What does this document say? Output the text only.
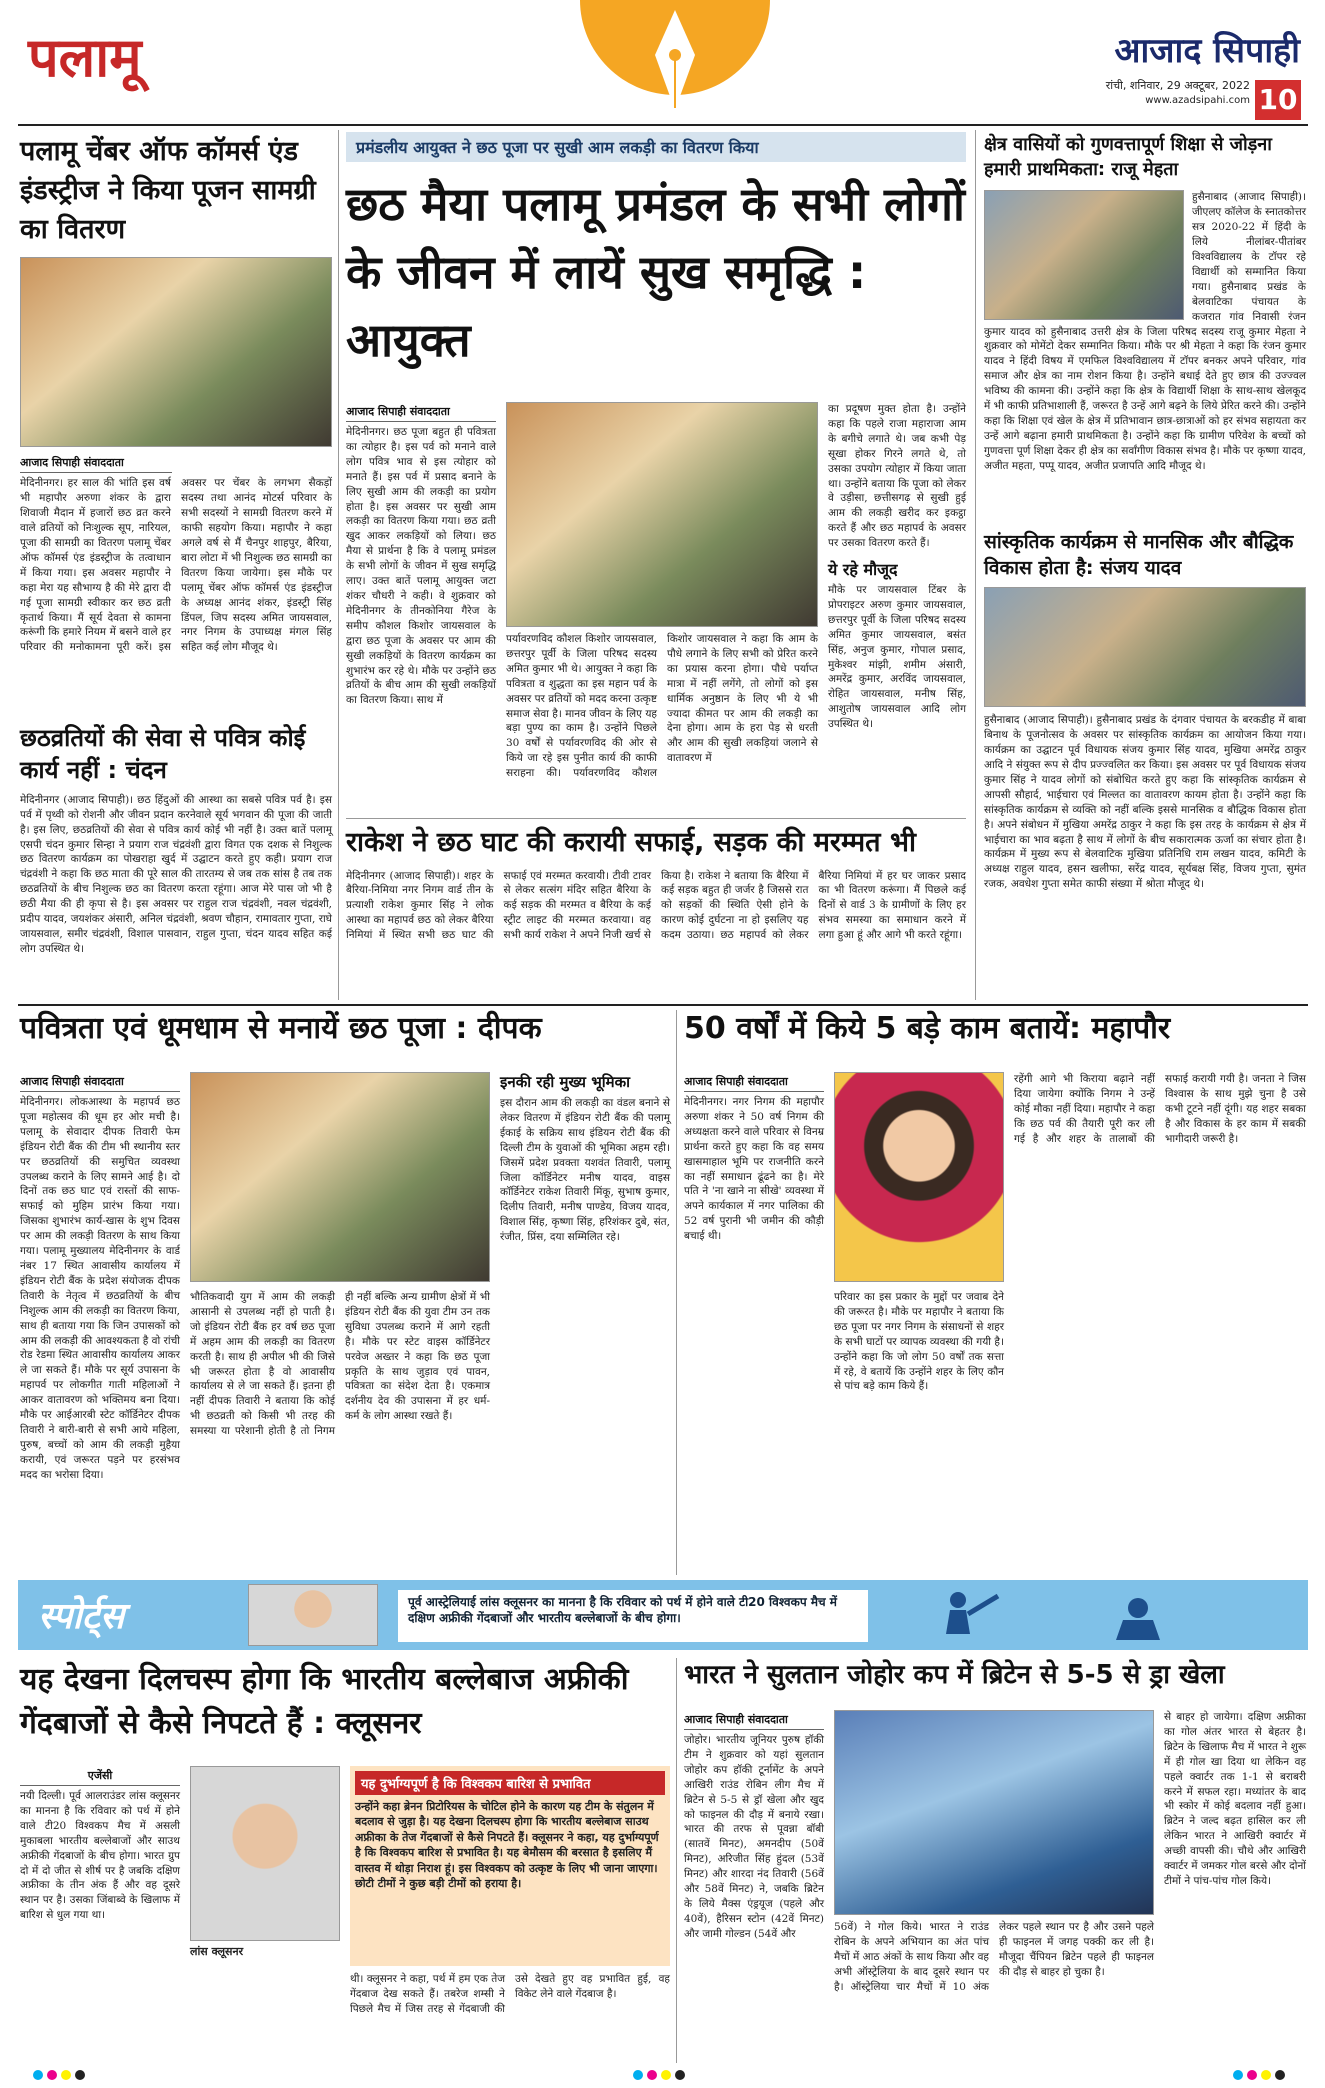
पलामू	आजाद सिपाही
रांची, शनिवार, 29 अक्टूबर, 2022
www.azadsipahi.com 10
पलामू चेंबर ऑफ कॉमर्स एंड इंडस्ट्रीज ने किया पूजन सामग्री का वितरण
आजाद सिपाही संवाददाता
मेदिनीनगर। हर साल की भांति इस वर्ष भी महापौर अरुणा शंकर के द्वारा शिवाजी मैदान में हजारों छठ व्रत करने वाले व्रतियों को निःशुल्क सूप, नारियल, पूजा की सामग्री का वितरण पलामू चेंबर ऑफ कॉमर्स एंड इंडस्ट्रीज के तत्वाधान में किया गया। इस अवसर महापौर ने कहा मेरा यह सौभाग्य है की मेरे द्वारा दी गई पूजा सामग्री स्वीकार कर छठ व्रती कृतार्थ किया। मैं सूर्य देवता से कामना करूंगी कि हमारे नियम में बसने वाले हर परिवार की मनोकामना पूरी करें। इस अवसर पर चेंबर के लगभग सैकड़ों सदस्य तथा आनंद मोटर्स परिवार के सभी सदस्यों ने सामग्री वितरण करने में काफी सहयोग किया। महापौर ने कहा अगले वर्ष से मैं चैनपुर शाहपुर, बैरिया, बारा लोटा में भी निशुल्क छठ सामग्री का वितरण किया जायेगा। इस मौके पर पलामू चेंबर ऑफ कॉमर्स एंड इंडस्ट्रीज के अध्यक्ष आनंद शंकर, इंडस्ट्री सिंह डिंपल, जिप सदस्य अमित जायसवाल, नगर निगम के उपाध्यक्ष मंगल सिंह सहित कई लोग मौजूद थे।
छठव्रतियों की सेवा से पवित्र कोई कार्य नहीं : चंदन
मेदिनीनगर (आजाद सिपाही)। छठ हिंदुओं की आस्था का सबसे पवित्र पर्व है। इस पर्व में पृथ्वी को रोशनी और जीवन प्रदान करनेवाले सूर्य भगवान की पूजा की जाती है। इस लिए, छठव्रतियों की सेवा से पवित्र कार्य कोई भी नहीं है। उक्त बातें पलामू एसपी चंदन कुमार सिन्हा ने प्रयाग राज चंद्रवंशी द्वारा विगत एक दशक से निशुल्क छठ वितरण कार्यक्रम का पोखराहा खुर्द में उद्घाटन करते हुए कही। प्रयाग राज चंद्रवंशी ने कहा कि छठ माता की पूरे साल की तारतम्य से जब तक सांस है तब तक छठव्रतियों के बीच निशुल्क छठ का वितरण करता रहूंगा। आज मेरे पास जो भी है छठी मैया की ही कृपा से है। इस अवसर पर राहुल राज चंद्रवंशी, नवल चंद्रवंशी, प्रदीप यादव, जयशंकर अंसारी, अनिल चंद्रवंशी, श्रवण चौहान, रामावतार गुप्ता, राघे जायसवाल, समीर चंद्रवंशी, विशाल पासवान, राहुल गुप्ता, चंदन यादव सहित कई लोग उपस्थित थे।
प्रमंडलीय आयुक्त ने छठ पूजा पर सुखी आम लकड़ी का वितरण किया
छठ मैया पलामू प्रमंडल के सभी लोगों के जीवन में लायें सुख समृद्धि : आयुक्त
आजाद सिपाही संवाददाता
मेदिनीनगर। छठ पूजा बहुत ही पवित्रता का त्योहार है। इस पर्व को मनाने वाले लोग पवित्र भाव से इस त्योहार को मनाते हैं। इस पर्व में प्रसाद बनाने के लिए सुखी आम की लकड़ी का प्रयोग होता है। इस अवसर पर सुखी आम लकड़ी का वितरण किया गया। छठ व्रती खुद आकर लकड़ियों को लिया। छठ मैया से प्रार्थना है कि वे पलामू प्रमंडल के सभी लोगों के जीवन में सुख समृद्धि लाए। उक्त बातें पलामू आयुक्त जटा शंकर चौधरी ने कही। वे शुक्रवार को मेदिनीनगर के तीनकोनिया गैरेज के समीप कौशल किशोर जायसवाल के द्वारा छठ पूजा के अवसर पर आम की सुखी लकड़ियों के वितरण कार्यक्रम का शुभारंभ कर रहे थे। मौके पर उन्होंने छठ व्रतियों के बीच आम की सुखी लकड़ियों का वितरण किया। साथ में
पर्यावरणविद कौशल किशोर जायसवाल, छत्तरपुर पूर्वी के जिला परिषद सदस्य अमित कुमार भी थे। आयुक्त ने कहा कि पवित्रता व शुद्धता का इस महान पर्व के अवसर पर व्रतियों को मदद करना उत्कृष्ट समाज सेवा है। मानव जीवन के लिए यह बड़ा पुण्य का काम है। उन्होंने पिछले 30 वर्षों से पर्यावरणविद की ओर से किये जा रहे इस पुनीत कार्य की काफी सराहना की। पर्यावरणविद कौशल किशोर जायसवाल ने कहा कि आम के पौधे लगाने के लिए सभी को प्रेरित करने का प्रयास करना होगा। पौधे पर्याप्त मात्रा में नहीं लगेंगे, तो लोगों को इस धार्मिक अनुष्ठान के लिए भी ये भी ज्यादा कीमत पर आम की लकड़ी का देना होगा। आम के हरा पेड़ से धरती और आम की सुखी लकड़ियां जलाने से वातावरण में
का प्रदूषण मुक्त होता है। उन्होंने कहा कि पहले राजा महाराजा आम के बगीचे लगाते थे। जब कभी पेड़ सूखा होकर गिरने लगते थे, तो उसका उपयोग त्योहार में किया जाता था। उन्होंने बताया कि पूजा को लेकर वे उड़ीसा, छत्तीसगढ़ से सुखी हुई आम की लकड़ी खरीद कर इकट्ठा करते हैं और छठ महापर्व के अवसर पर उसका वितरण करते हैं।
ये रहे मौजूद
मौके पर जायसवाल टिंबर के प्रोपराइटर अरुण कुमार जायसवाल, छत्तरपुर पूर्वी के जिला परिषद सदस्य अमित कुमार जायसवाल, बसंत सिंह, अनुज कुमार, गोपाल प्रसाद, मुकेश्वर मांझी, शमीम अंसारी, अमरेंद्र कुमार, अरविंद जायसवाल, रोहित जायसवाल, मनीष सिंह, आशुतोष जायसवाल आदि लोग उपस्थित थे।
राकेश ने छठ घाट की करायी सफाई, सड़क की मरम्मत भी
मेदिनीनगर (आजाद सिपाही)। शहर के बैरिया-निमिया नगर निगम वार्ड तीन के प्रत्याशी राकेश कुमार सिंह ने लोक आस्था का महापर्व छठ को लेकर बैरिया निमियां में स्थित सभी छठ घाट की सफाई एवं मरम्मत करवायी। टीवी टावर से लेकर सत्संग मंदिर सहित बैरिया के कई सड़क की मरम्मत व बैरिया के कई स्ट्रीट लाइट की मरम्मत करवाया। वह सभी कार्य राकेश ने अपने निजी खर्च से किया है। राकेश ने बताया कि बैरिया में कई सड़क बहुत ही जर्जर है जिससे रात को सड़कों की स्थिति ऐसी होने के कारण कोई दुर्घटना ना हो इसलिए यह कदम उठाया। छठ महापर्व को लेकर बैरिया निमियां में हर घर जाकर प्रसाद का भी वितरण करूंगा। मैं पिछले कई दिनों से वार्ड 3 के ग्रामीणों के लिए हर संभव समस्या का समाधान करने में लगा हुआ हूं और आगे भी करते रहूंगा।
क्षेत्र वासियों को गुणवत्तापूर्ण शिक्षा से जोड़ना हमारी प्राथमिकता: राजू मेहता
हुसैनाबाद (आजाद सिपाही)। जीएलए कॉलेज के स्नातकोत्तर सत्र 2020-22 में हिंदी के लिये नीलांबर-पीतांबर विश्वविद्यालय के टॉपर रहे विद्यार्थी को सम्मानित किया गया। हुसैनाबाद प्रखंड के बेलवाटिका पंचायत के कजरात गांव निवासी रंजन कुमार यादव को हुसैनाबाद उत्तरी क्षेत्र के जिला परिषद सदस्य राजू कुमार मेहता ने शुक्रवार को मोमेंटो देकर सम्मानित किया। मौके पर श्री मेहता ने कहा कि रंजन कुमार यादव ने हिंदी विषय में एमफिल विश्वविद्यालय में टॉपर बनकर अपने परिवार, गांव समाज और क्षेत्र का नाम रोशन किया है। उन्होंने बधाई देते हुए छात्र की उज्ज्वल भविष्य की कामना की। उन्होंने कहा कि क्षेत्र के विद्यार्थी शिक्षा के साथ-साथ खेलकूद में भी काफी प्रतिभाशाली हैं, जरूरत है उन्हें आगे बढ़ने के लिये प्रेरित करने की। उन्होंने कहा कि शिक्षा एवं खेल के क्षेत्र में प्रतिभावान छात्र-छात्राओं को हर संभव सहायता कर उन्हें आगे बढ़ाना हमारी प्राथमिकता है। उन्होंने कहा कि ग्रामीण परिवेश के बच्चों को गुणवत्ता पूर्ण शिक्षा देकर ही क्षेत्र का सर्वांगीण विकास संभव है। मौके पर कृष्णा यादव, अजीत महता, पप्पू यादव, अजीत प्रजापति आदि मौजूद थे।
सांस्कृतिक कार्यक्रम से मानसिक और बौद्धिक विकास होता है: संजय यादव
हुसैनाबाद (आजाद सिपाही)। हुसैनाबाद प्रखंड के दंगवार पंचायत के बरकडीह में बाबा बिनाथ के पूजनोत्सव के अवसर पर सांस्कृतिक कार्यक्रम का आयोजन किया गया। कार्यक्रम का उद्घाटन पूर्व विधायक संजय कुमार सिंह यादव, मुखिया अमरेंद्र ठाकुर आदि ने संयुक्त रूप से दीप प्रज्ज्वलित कर किया। इस अवसर पर पूर्व विधायक संजय कुमार सिंह ने यादव लोगों को संबोधित करते हुए कहा कि सांस्कृतिक कार्यक्रम से आपसी सौहार्द, भाईचारा एवं मिल्लत का वातावरण कायम होता है। उन्होंने कहा कि सांस्कृतिक कार्यक्रम से व्यक्ति को नहीं बल्कि इससे मानसिक व बौद्धिक विकास होता है। अपने संबोधन में मुखिया अमरेंद्र ठाकुर ने कहा कि इस तरह के कार्यक्रम से क्षेत्र में भाईचारा का भाव बढ़ता है साथ में लोगों के बीच सकारात्मक ऊर्जा का संचार होता है। कार्यक्रम में मुख्य रूप से बेलवाटिक मुखिया प्रतिनिधि राम लखन यादव, कमिटी के अध्यक्ष राहुल यादव, हसन खलीफा, सरेंद्र यादव, सूर्यबक्ष सिंह, विजय गुप्ता, सुमंत रजक, अवधेश गुप्ता समेत काफी संख्या में श्रोता मौजूद थे।
पवित्रता एवं धूमधाम से मनायें छठ पूजा : दीपक
आजाद सिपाही संवाददाता
मेदिनीनगर। लोकआस्था के महापर्व छठ पूजा महोत्सव की धूम हर ओर मची है। पलामू के सेवादार दीपक तिवारी फेम इंडियन रोटी बैंक की टीम भी स्थानीय स्तर पर छठव्रतियों की समुचित व्यवस्था उपलब्ध कराने के लिए सामने आई है। दो दिनों तक छठ घाट एवं रास्तों की साफ-सफाई को मुहिम प्रारंभ किया गया। जिसका शुभारंभ कार्य-खास के शुभ दिवस पर आम की लकड़ी वितरण के साथ किया गया। पलामू मुख्यालय मेदिनीनगर के वार्ड नंबर 17 स्थित आवासीय कार्यालय में इंडियन रोटी बैंक के प्रदेश संयोजक दीपक तिवारी के नेतृत्व में छठव्रतियों के बीच निशुल्क आम की लकड़ी का वितरण किया, साथ ही बताया गया कि जिन उपासकों को आम की लकड़ी की आवश्यकता है वो रांची रोड रेडमा स्थित आवासीय कार्यालय आकर ले जा सकते हैं। मौके पर सूर्य उपासना के महापर्व पर लोकगीत गाती महिलाओं ने आकर वातावरण को भक्तिमय बना दिया। मौके पर आईआरबी स्टेट कॉर्डिनेटर दीपक तिवारी ने बारी-बारी से सभी आये महिला, पुरुष, बच्चों को आम की लकड़ी मुहैया करायी, एवं जरूरत पड़ने पर हरसंभव मदद का भरोसा दिया।
भौतिकवादी युग में आम की लकड़ी आसानी से उपलब्ध नहीं हो पाती है। जो इंडियन रोटी बैंक हर वर्ष छठ पूजा में अहम आम की लकड़ी का वितरण करती है। साथ ही अपील भी की जिसे भी जरूरत होता है वो आवासीय कार्यालय से ले जा सकते हैं। इतना ही नहीं दीपक तिवारी ने बताया कि कोई भी छठव्रती को किसी भी तरह की समस्या या परेशानी होती है तो निगम ही नहीं बल्कि अन्य ग्रामीण क्षेत्रों में भी इंडियन रोटी बैंक की युवा टीम उन तक सुविधा उपलब्ध कराने में आगे रहती है। मौके पर स्टेट वाइस कॉर्डिनेटर परवेज अख्तर ने कहा कि छठ पूजा प्रकृति के साथ जुड़ाव एवं पावन, पवित्रता का संदेश देता है। एकमात्र दर्शनीय देव की उपासना में हर धर्म-कर्म के लोग आस्था रखते हैं।
इनकी रही मुख्य भूमिका
इस दौरान आम की लकड़ी का वंडल बनाने से लेकर वितरण में इंडियन रोटी बैंक की पलामू ईकाई के सक्रिय साथ इंडियन रोटी बैंक की दिल्ली टीम के युवाओं की भूमिका अहम रही। जिसमें प्रदेश प्रवक्ता यशवंत तिवारी, पलामू जिला कॉर्डिनेटर मनीष यादव, वाइस कॉर्डिनेटर राकेश तिवारी मिंकू, सुभाष कुमार, दिलीप तिवारी, मनीष पाण्डेय, विजय यादव, विशाल सिंह, कृष्णा सिंह, हरिशंकर दुबे, संत, रंजीत, प्रिंस, दया सम्मिलित रहे।
50 वर्षों में किये 5 बड़े काम बतायें: महापौर
आजाद सिपाही संवाददाता
मेदिनीनगर। नगर निगम की महापौर अरुणा शंकर ने 50 वर्ष निगम की अध्यक्षता करने वाले परिवार से विनम्र प्रार्थना करते हुए कहा कि वह समय खासमाहाल भूमि पर राजनीति करने का नहीं समाधान ढूंढने का है। मेरे पति ने 'ना खाने ना सीखे' व्यवस्था में अपने कार्यकाल में नगर पालिका की 52 वर्ष पुरानी भी जमीन की कौड़ी बचाई थी।
परिवार का इस प्रकार के मुद्दों पर जवाब देने की जरूरत है। मौके पर महापौर ने बताया कि छठ पूजा पर नगर निगम के संसाधनों से शहर के सभी घाटों पर व्यापक व्यवस्था की गयी है। उन्होंने कहा कि जो लोग 50 वर्षों तक सत्ता में रहे, वे बतायें कि उन्होंने शहर के लिए कौन से पांच बड़े काम किये हैं।
रहेंगी आगे भी किराया बढ़ाने नहीं दिया जायेगा क्योंकि निगम ने उन्हें कोई मौका नहीं दिया। महापौर ने कहा कि छठ पर्व की तैयारी पूरी कर ली गई है और शहर के तालाबों की सफाई करायी गयी है। जनता ने जिस विश्वास के साथ मुझे चुना है उसे कभी टूटने नहीं दूंगी। यह शहर सबका है और विकास के हर काम में सबकी भागीदारी जरूरी है।
स्पोर्ट्स	पूर्व आस्ट्रेलियाई लांस क्लूसनर का मानना है कि रविवार को पर्थ में होने वाले टी20 विश्वकप मैच में दक्षिण अफ्रीकी गेंदबाजों और भारतीय बल्लेबाजों के बीच होगा।
यह देखना दिलचस्प होगा कि भारतीय बल्लेबाज अफ्रीकी गेंदबाजों से कैसे निपटते हैं : क्लूसनर
एजेंसी
नयी दिल्ली। पूर्व आलराउंडर लांस क्लूसनर का मानना है कि रविवार को पर्थ में होने वाले टी20 विश्वकप मैच में असली मुकाबला भारतीय बल्लेबाजों और साउथ अफ्रीकी गेंदबाजों के बीच होगा। भारत ग्रुप दो में दो जीत से शीर्ष पर है जबकि दक्षिण अफ्रीका के तीन अंक हैं और वह दूसरे स्थान पर है। उसका जिंबाब्वे के खिलाफ में बारिश से धुल गया था।
लांस क्लूसनर
यह दुर्भाग्यपूर्ण है कि विश्वकप बारिश से प्रभावित
उन्होंने कहा ब्रेनन प्रिटोरियस के चोटिल होने के कारण यह टीम के संतुलन में बदलाव से जुड़ा है। यह देखना दिलचस्प होगा कि भारतीय बल्लेबाज साउथ अफ्रीका के तेज गेंदबाजों से कैसे निपटते हैं। क्लूसनर ने कहा, यह दुर्भाग्यपूर्ण है कि विश्वकप बारिश से प्रभावित है। यह बेमौसम की बरसात है इसलिए मैं वास्तव में थोड़ा निराश हूं। इस विश्वकप को उत्कृष्ट के लिए भी जाना जाएगा। छोटी टीमों ने कुछ बड़ी टीमों को हराया है।
थी। क्लूसनर ने कहा, पर्थ में हम एक तेज गेंदबाज देख सकते हैं। तबरेज शम्सी ने पिछले मैच में जिस तरह से गेंदबाजी की उसे देखते हुए वह प्रभावित हुई, वह विकेट लेने वाले गेंदबाज है।
भारत ने सुलतान जोहोर कप में ब्रिटेन से 5-5 से ड्रा खेला
आजाद सिपाही संवाददाता
जोहोर। भारतीय जूनियर पुरुष हॉकी टीम ने शुक्रवार को यहां सुलतान जोहोर कप हॉकी टूर्नामेंट के अपने आखिरी राउंड रोबिन लीग मैच में ब्रिटेन से 5-5 से ड्रॉ खेला और खुद को फाइनल की दौड़ में बनाये रखा। भारत की तरफ से पूवन्ना बॉबी (सातवें मिनट), अमनदीप (50वें मिनट), अरिजीत सिंह हुंदल (53वें मिनट) और शारदा नंद तिवारी (56वें और 58वें मिनट) ने, जबकि ब्रिटेन के लिये मैक्स एंड्रयूज (पहले और 40वें), हैरिसन स्टोन (42वें मिनट) और जामी गोल्डन (54वें और
56वें) ने गोल किये। भारत ने राउंड रोबिन के अपने अभियान का अंत पांच मैचों में आठ अंकों के साथ किया और वह अभी ऑस्ट्रेलिया के बाद दूसरे स्थान पर है। ऑस्ट्रेलिया चार मैचों में 10 अंक लेकर पहले स्थान पर है और उसने पहले ही फाइनल में जगह पक्की कर ली है। मौजूदा चैंपियन ब्रिटेन पहले ही फाइनल की दौड़ से बाहर हो चुका है।
से बाहर हो जायेगा। दक्षिण अफ्रीका का गोल अंतर भारत से बेहतर है। ब्रिटेन के खिलाफ मैच में भारत ने शुरू में ही गोल खा दिया था लेकिन वह पहले क्वार्टर तक 1-1 से बराबरी करने में सफल रहा। मध्यांतर के बाद भी स्कोर में कोई बदलाव नहीं हुआ। ब्रिटेन ने जल्द बढ़त हासिल कर ली लेकिन भारत ने आखिरी क्वार्टर में अच्छी वापसी की। चौथे और आखिरी क्वार्टर में जमकर गोल बरसे और दोनों टीमों ने पांच-पांच गोल किये।
